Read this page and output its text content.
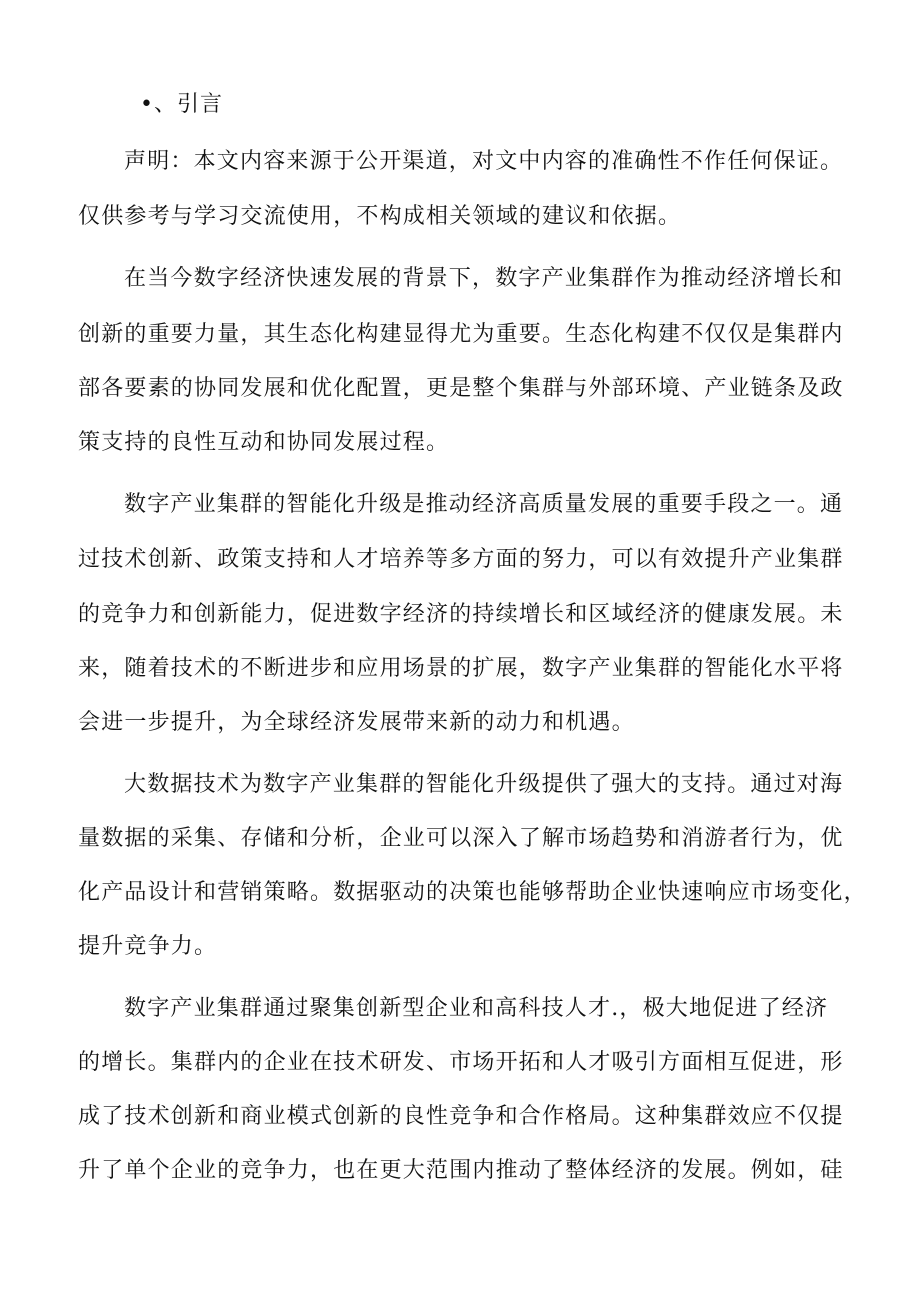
•、引言
声明：本文内容来源于公开渠道，对文中内容的准确性不作任何保证。
仅供参考与学习交流使用，不构成相关领域的建议和依据。
在当今数字经济快速发展的背景下，数字产业集群作为推动经济增长和
创新的重要力量，其生态化构建显得尤为重要。生态化构建不仅仅是集群内
部各要素的协同发展和优化配置，更是整个集群与外部环境、产业链条及政
策支持的良性互动和协同发展过程。
数字产业集群的智能化升级是推动经济高质量发展的重要手段之一。通
过技术创新、政策支持和人才培养等多方面的努力，可以有效提升产业集群
的竞争力和创新能力，促进数字经济的持续增长和区域经济的健康发展。未
来，随着技术的不断进步和应用场景的扩展，数字产业集群的智能化水平将
会进一步提升，为全球经济发展带来新的动力和机遇。
大数据技术为数字产业集群的智能化升级提供了强大的支持。通过对海
量数据的采集、存储和分析，企业可以深入了解市场趋势和消游者行为，优
化产品设计和营销策略。数据驱动的决策也能够帮助企业快速响应市场变化，
提升竞争力。
数字产业集群通过聚集创新型企业和高科技人才.，极大地促进了经济
的增长。集群内的企业在技术研发、市场开拓和人才吸引方面相互促进，形
成了技术创新和商业模式创新的良性竞争和合作格局。这种集群效应不仅提
升了单个企业的竞争力，也在更大范围内推动了整体经济的发展。例如，硅
